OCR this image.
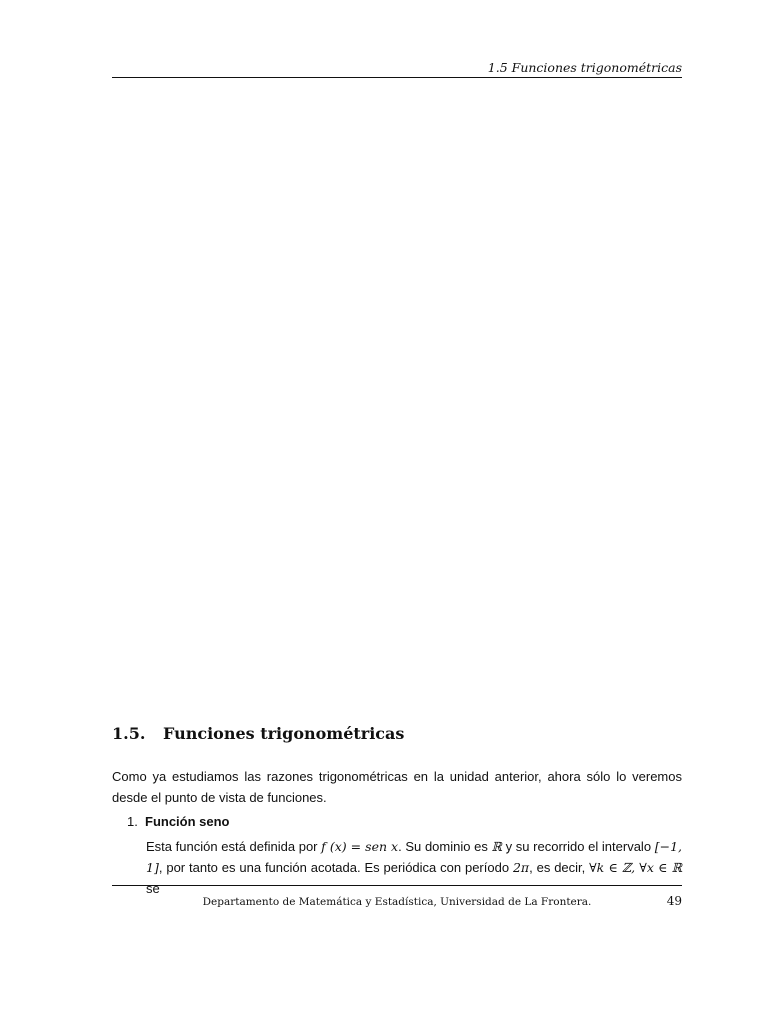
1.5 Funciones trigonométricas
1.5. Funciones trigonométricas
Como ya estudiamos las razones trigonométricas en la unidad anterior, ahora sólo lo veremos desde el punto de vista de funciones.
1. Función seno
Esta función está definida por f (x) = sen x. Su dominio es ℝ y su recorrido el intervalo [−1, 1], por tanto es una función acotada. Es periódica con período 2π, es decir, ∀k ∈ ℤ, ∀x ∈ ℝ se
Departamento de Matemática y Estadística, Universidad de La Frontera.	49
